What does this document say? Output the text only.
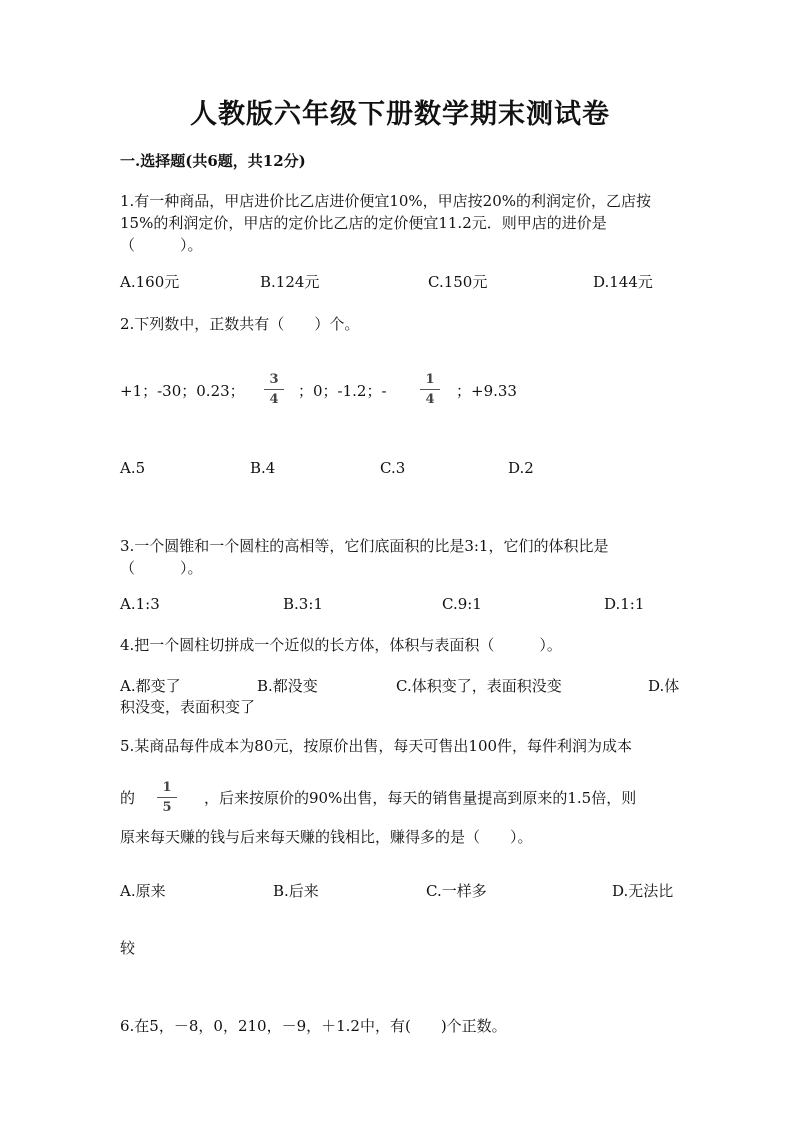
人教版六年级下册数学期末测试卷
一.选择题(共6题，共12分)
1.有一种商品，甲店进价比乙店进价便宜10%，甲店按20%的利润定价，乙店按
15%的利润定价，甲店的定价比乙店的定价便宜11.2元．则甲店的进价是
（　　　）。
A.160元	B.124元	C.150元	D.144元
2.下列数中，正数共有（　　）个。
+1；-30；0.23； $\frac{3}{4}$ ；0；-1.2；-	$\frac{1}{4}$ ；+9.33
A.5	B.4	C.3	D.2
3.一个圆锥和一个圆柱的高相等，它们底面积的比是3:1，它们的体积比是
（　　　）。
A.1:3	B.3:1	C.9:1	D.1:1
4.把一个圆柱切拼成一个近似的长方体，体积与表面积（　　　）。
A.都变了	B.都没变	C.体积变了，表面积没变	D.体
积没变，表面积变了
5.某商品每件成本为80元，按原价出售，每天可售出100件，每件利润为成本
的 $\frac{1}{5}$ ，后来按原价的90%出售，每天的销售量提高到原来的1.5倍，则
原来每天赚的钱与后来每天赚的钱相比，赚得多的是（　　）。
A.原来	B.后来	C.一样多	D.无法比
较
6.在5，－8，0，210，－9，＋1.2中，有(　　)个正数。
